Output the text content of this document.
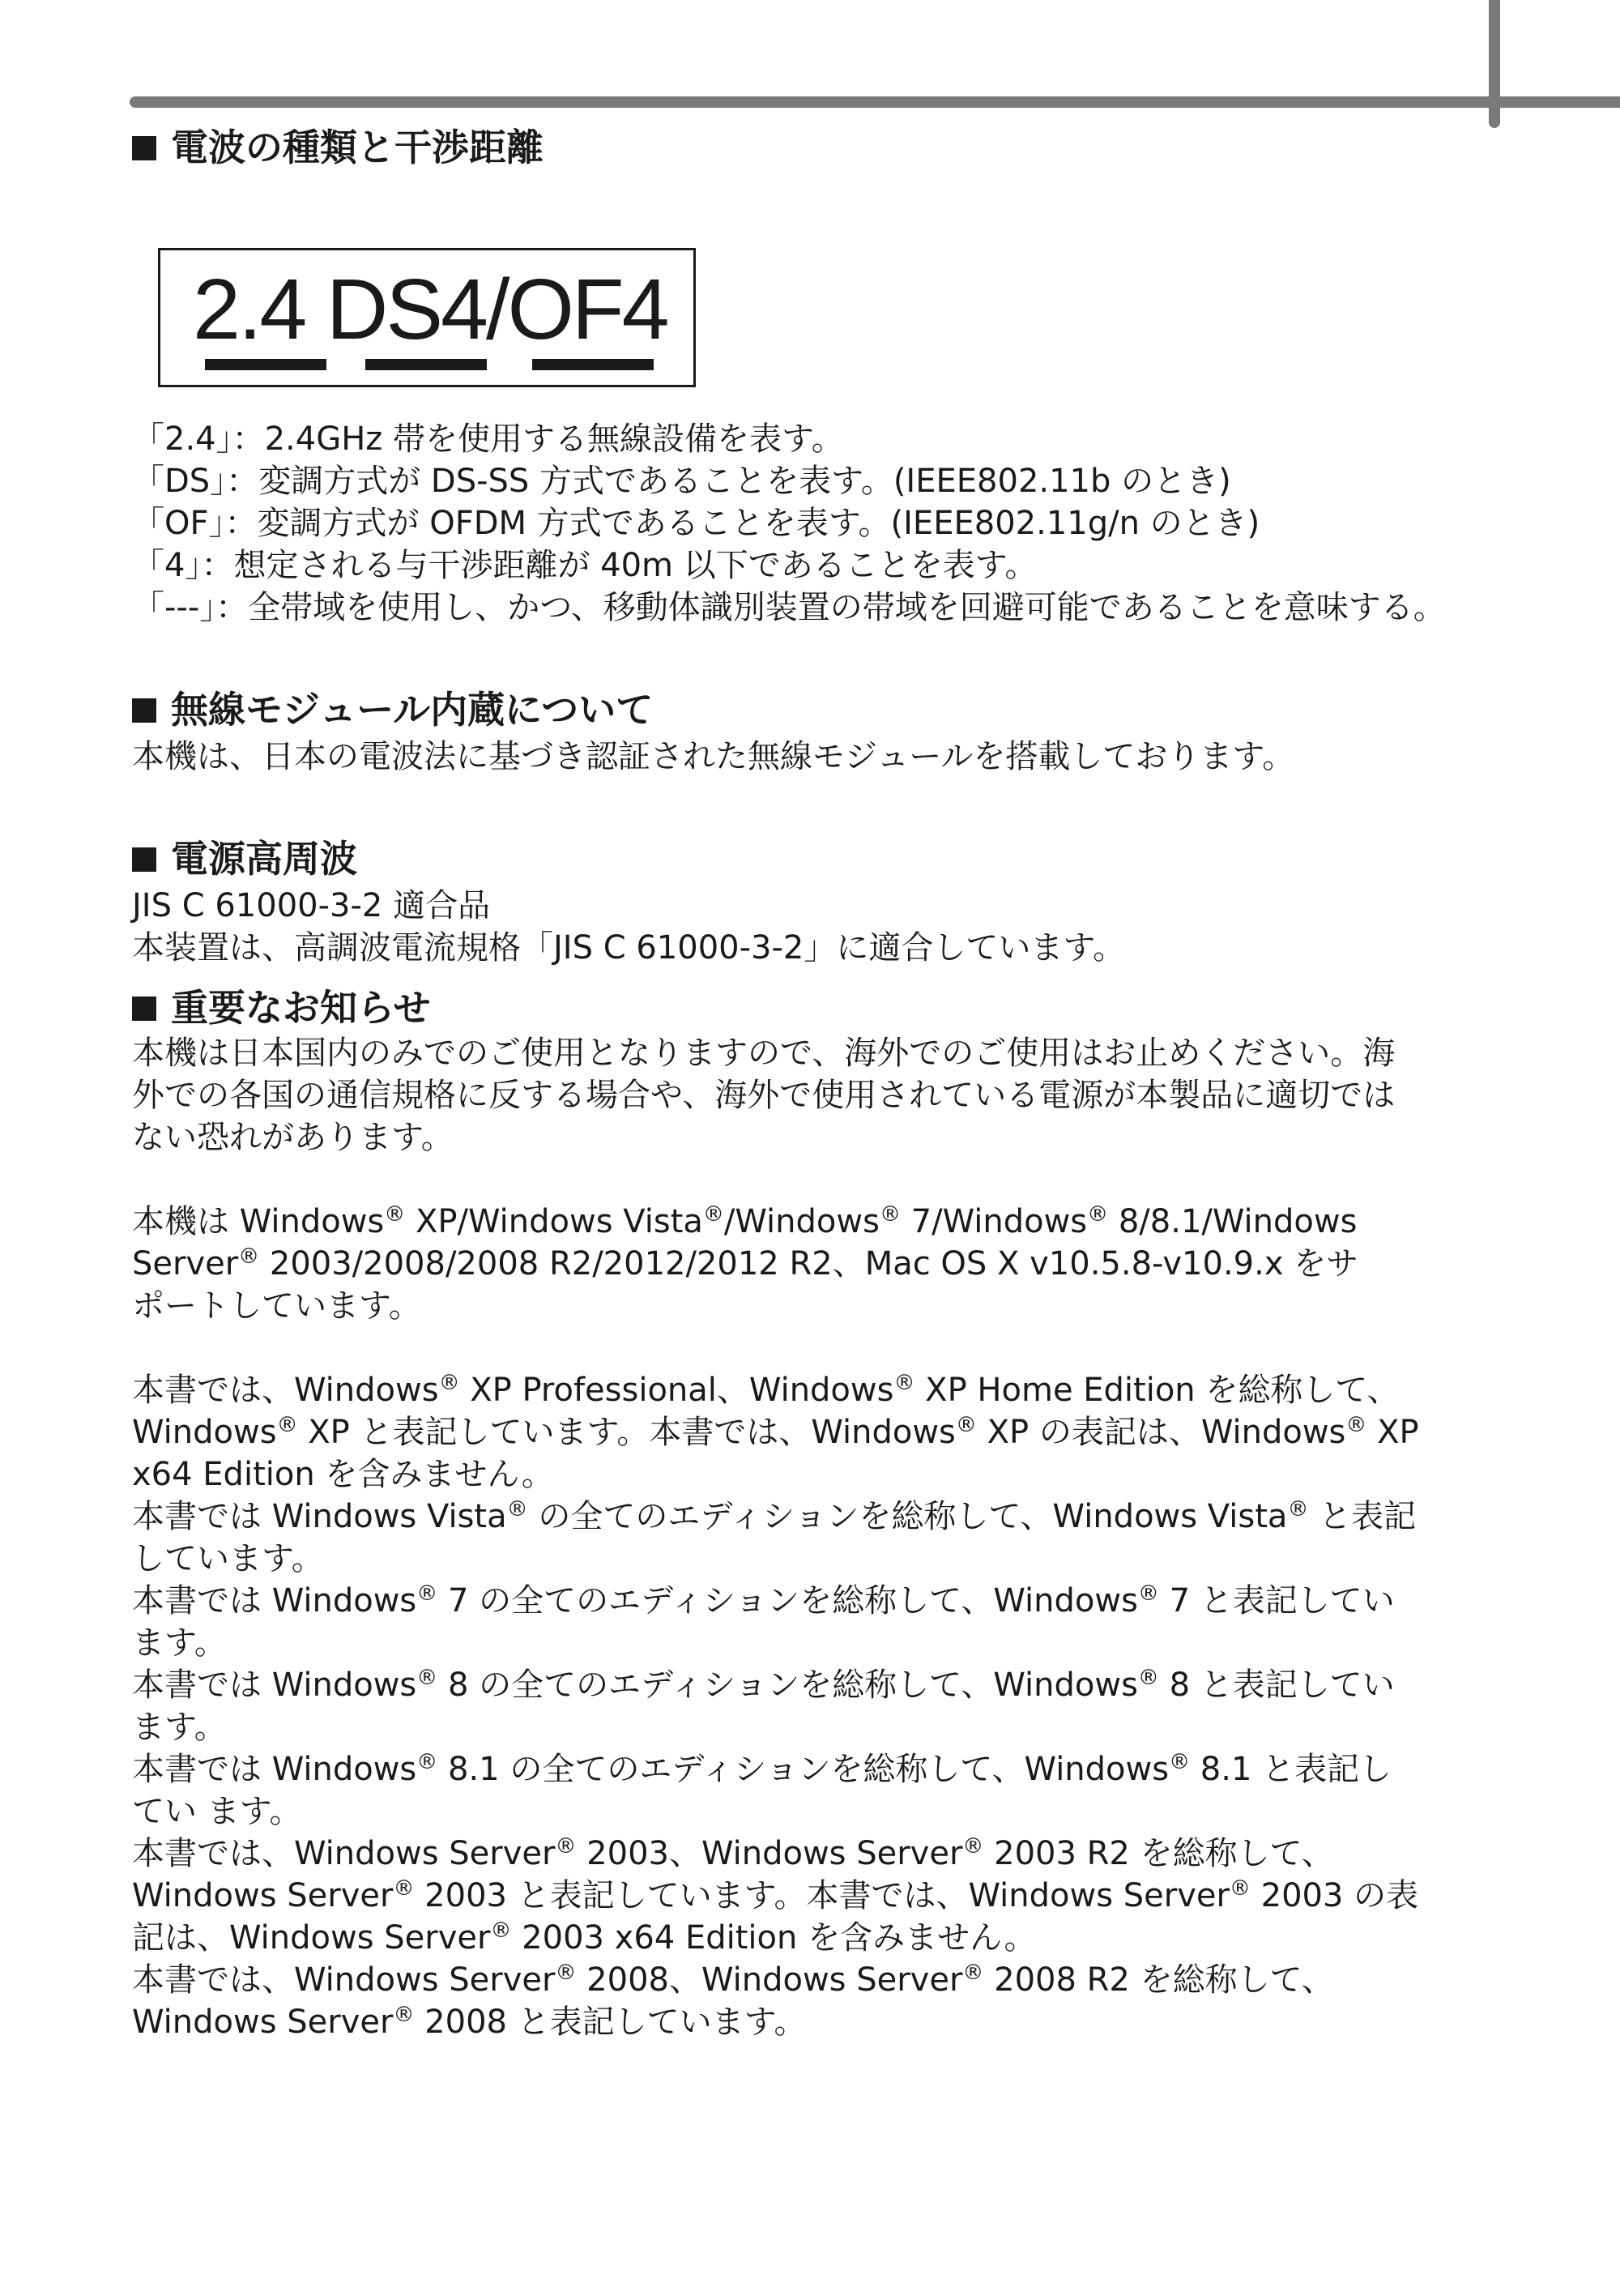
電波の種類と干渉距離
2.4 DS4/OF4
「2.4」：2.4GHz 帯を使用する無線設備を表す。
「DS」：変調方式が DS-SS 方式であることを表す。(IEEE802.11b のとき)
「OF」：変調方式が OFDM 方式であることを表す。(IEEE802.11g/n のとき)
「4」：想定される与干渉距離が 40m 以下であることを表す。
「---」：全帯域を使用し、かつ、移動体識別装置の帯域を回避可能であることを意味する。
無線モジュール内蔵について
本機は、日本の電波法に基づき認証された無線モジュールを搭載しております。
電源高周波
JIS C 61000-3-2 適合品
本装置は、高調波電流規格「JIS C 61000-3-2」に適合しています。
重要なお知らせ
本機は日本国内のみでのご使用となりますので、海外でのご使用はお止めください。海
外での各国の通信規格に反する場合や、海外で使用されている電源が本製品に適切では
ない恐れがあります。
本機は Windows® XP/Windows Vista®/Windows® 7/Windows® 8/8.1/Windows
Server® 2003/2008/2008 R2/2012/2012 R2、Mac OS X v10.5.8-v10.9.x をサ
ポートしています。
本書では、Windows® XP Professional、Windows® XP Home Edition を総称して、
Windows® XP と表記しています。本書では、Windows® XP の表記は、Windows® XP
x64 Edition を含みません。
本書では Windows Vista® の全てのエディションを総称して、Windows Vista® と表記
しています。
本書では Windows® 7 の全てのエディションを総称して、Windows® 7 と表記してい
ます。
本書では Windows® 8 の全てのエディションを総称して、Windows® 8 と表記してい
ます。
本書では Windows® 8.1 の全てのエディションを総称して、Windows® 8.1 と表記し
てい ます。
本書では、Windows Server® 2003、Windows Server® 2003 R2 を総称して、
Windows Server® 2003 と表記しています。本書では、Windows Server® 2003 の表
記は、Windows Server® 2003 x64 Edition を含みません。
本書では、Windows Server® 2008、Windows Server® 2008 R2 を総称して、
Windows Server® 2008 と表記しています。
